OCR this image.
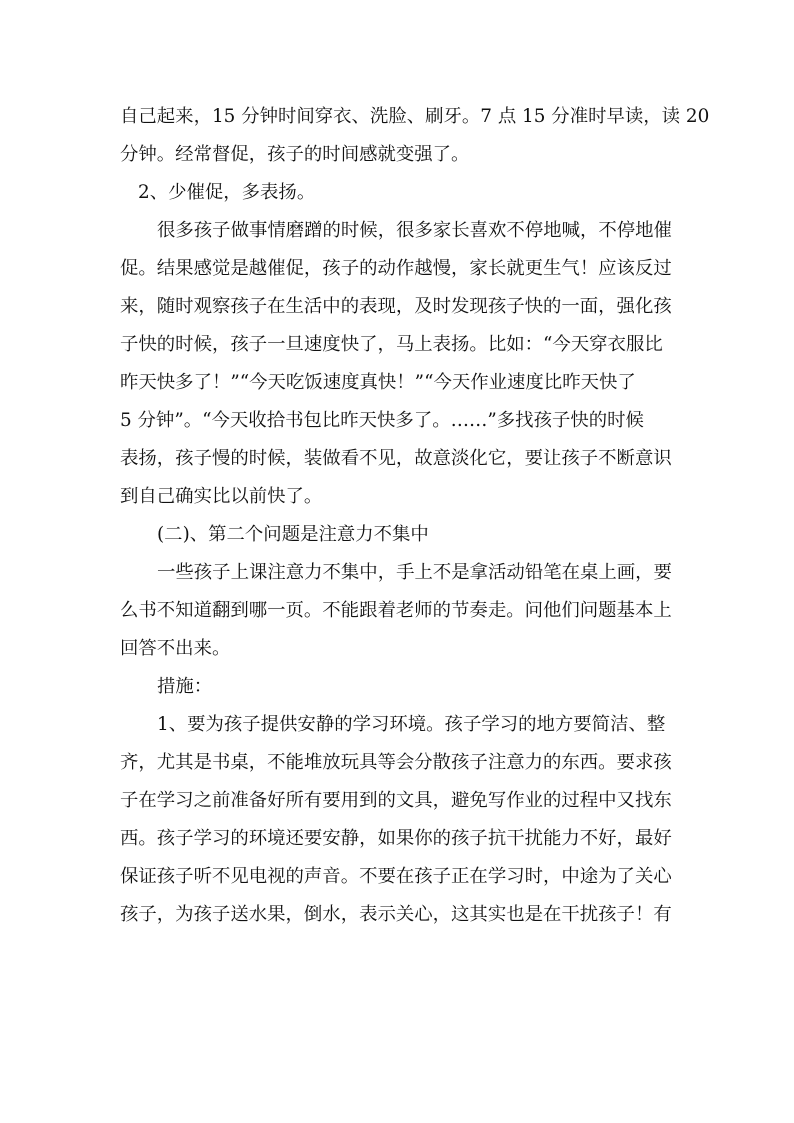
自己起来，15 分钟时间穿衣、洗脸、刷牙。7 点 15 分准时早读，读 20
分钟。经常督促，孩子的时间感就变强了。
2、少催促，多表扬。
很多孩子做事情磨蹭的时候，很多家长喜欢不停地喊，不停地催
促。结果感觉是越催促，孩子的动作越慢，家长就更生气！应该反过
来，随时观察孩子在生活中的表现，及时发现孩子快的一面，强化孩
子快的时候，孩子一旦速度快了，马上表扬。比如：“今天穿衣服比
昨天快多了！”“今天吃饭速度真快！”“今天作业速度比昨天快了
5 分钟”。“今天收拾书包比昨天快多了。……”多找孩子快的时候
表扬，孩子慢的时候，装做看不见，故意淡化它，要让孩子不断意识
到自己确实比以前快了。
(二)、第二个问题是注意力不集中
一些孩子上课注意力不集中，手上不是拿活动铅笔在桌上画，要
么书不知道翻到哪一页。不能跟着老师的节奏走。问他们问题基本上
回答不出来。
措施：
1、要为孩子提供安静的学习环境。孩子学习的地方要简洁、整
齐，尤其是书桌，不能堆放玩具等会分散孩子注意力的东西。要求孩
子在学习之前准备好所有要用到的文具，避免写作业的过程中又找东
西。孩子学习的环境还要安静，如果你的孩子抗干扰能力不好，最好
保证孩子听不见电视的声音。不要在孩子正在学习时，中途为了关心
孩子，为孩子送水果，倒水，表示关心，这其实也是在干扰孩子！有
